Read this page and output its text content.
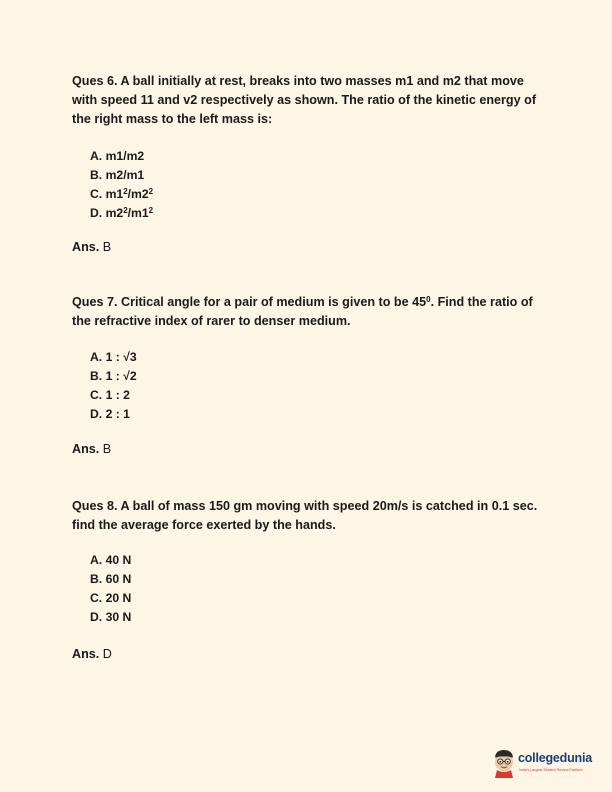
Ques 6. A ball initially at rest, breaks into two masses m1 and m2 that move with speed 11 and v2 respectively as shown. The ratio of the kinetic energy of the right mass to the left mass is:
A. m1/m2
B. m2/m1
C. $m1^2/m2^2$
D. $m2^2/m1^2$
Ans. B
Ques 7. Critical angle for a pair of medium is given to be $45^0$. Find the ratio of the refractive index of rarer to denser medium.
A. 1 : √3
B. 1 : √2
C. 1 : 2
D. 2 : 1
Ans. B
Ques 8. A ball of mass 150 gm moving with speed 20m/s is catched in 0.1 sec. find the average force exerted by the hands.
A. 40 N
B. 60 N
C. 20 N
D. 30 N
Ans. D
collegedunia
India's Largest Student Review Platform
